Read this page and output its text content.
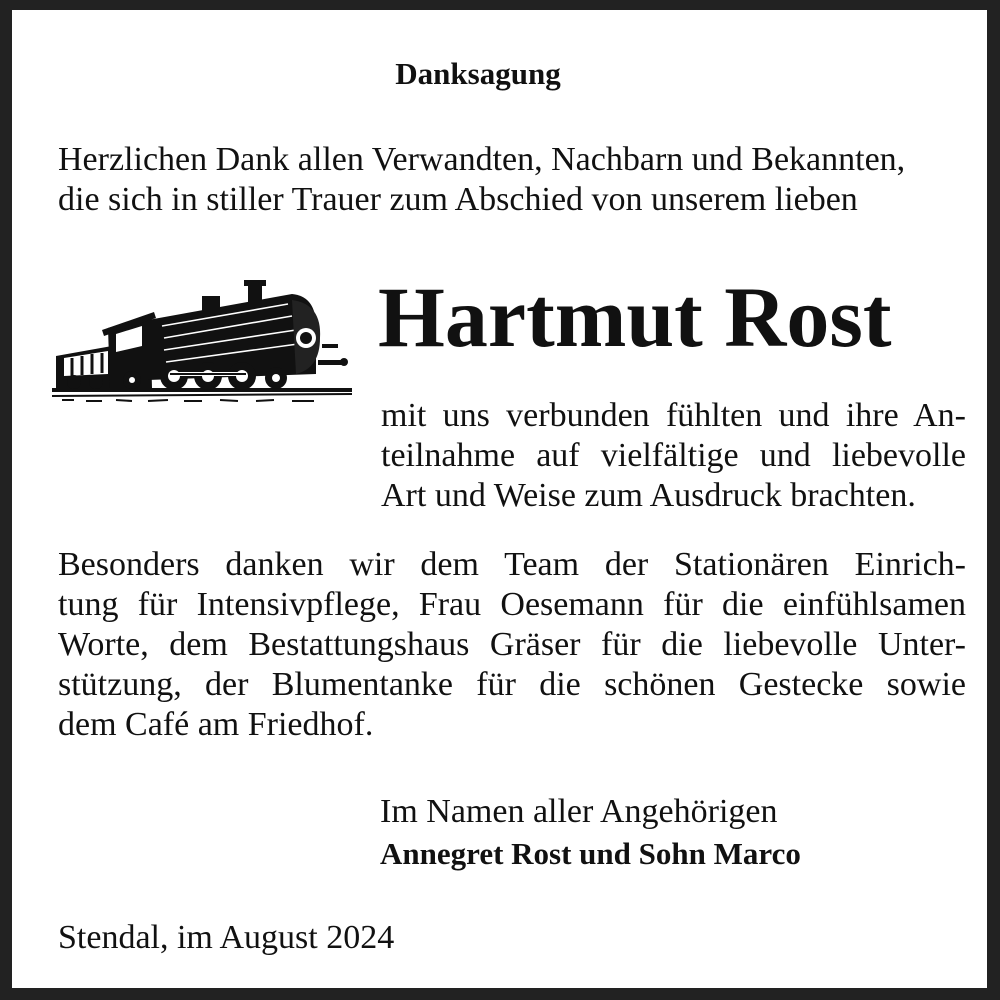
Danksagung

Herzlichen Dank allen Verwandten, Nachbarn und Bekannten,
die sich in stiller Trauer zum Abschied von unserem lieben

Hartmut Rost

mit uns verbunden fühlten und ihre An-
teilnahme auf vielfältige und liebevolle
Art und Weise zum Ausdruck brachten.

Besonders danken wir dem Team der Stationären Einrich-
tung für Intensivpflege, Frau Oesemann für die einfühlsamen
Worte, dem Bestattungshaus Gräser für die liebevolle Unter-
stützung, der Blumentanke für die schönen Gestecke sowie
dem Café am Friedhof.

Im Namen aller Angehörigen
Annegret Rost und Sohn Marco
Stendal, im August 2024
